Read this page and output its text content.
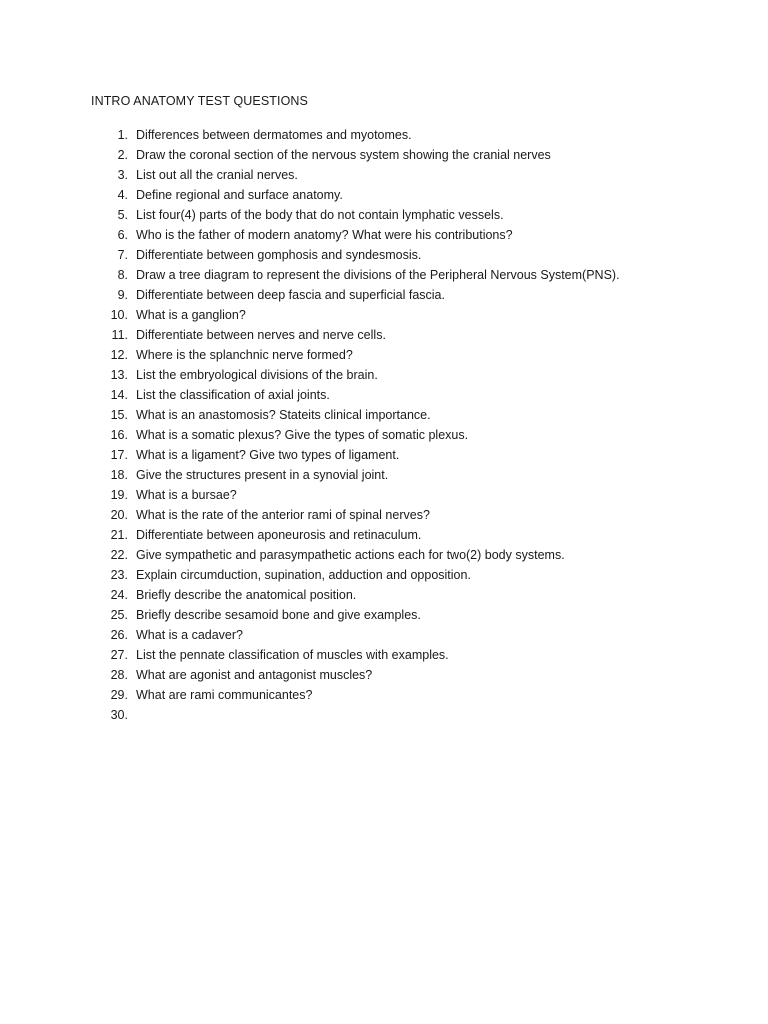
INTRO ANATOMY TEST QUESTIONS
1. Differences between dermatomes and myotomes.
2. Draw the coronal section of the nervous system showing the cranial nerves
3. List out all the cranial nerves.
4. Define regional and surface anatomy.
5. List four(4) parts of the body that do not contain lymphatic vessels.
6. Who is the father of modern anatomy? What were his contributions?
7. Differentiate between gomphosis and syndesmosis.
8. Draw a tree diagram to represent the divisions of the Peripheral Nervous System(PNS).
9. Differentiate between deep fascia and superficial fascia.
10. What is a ganglion?
11. Differentiate between nerves and nerve cells.
12. Where is the splanchnic nerve formed?
13. List the embryological divisions of the brain.
14. List the classification of axial joints.
15. What is an anastomosis? Stateits clinical importance.
16. What is a somatic plexus? Give the types of somatic plexus.
17. What is a ligament? Give two types of ligament.
18. Give the structures present in a synovial joint.
19. What is a bursae?
20. What is the rate of the anterior rami of spinal nerves?
21. Differentiate between aponeurosis and retinaculum.
22. Give sympathetic and parasympathetic actions each for two(2) body systems.
23. Explain circumduction, supination, adduction and opposition.
24. Briefly describe the anatomical position.
25. Briefly describe sesamoid bone and give examples.
26. What is a cadaver?
27. List the pennate classification of muscles with examples.
28. What are agonist and antagonist muscles?
29. What are rami communicantes?
30.
